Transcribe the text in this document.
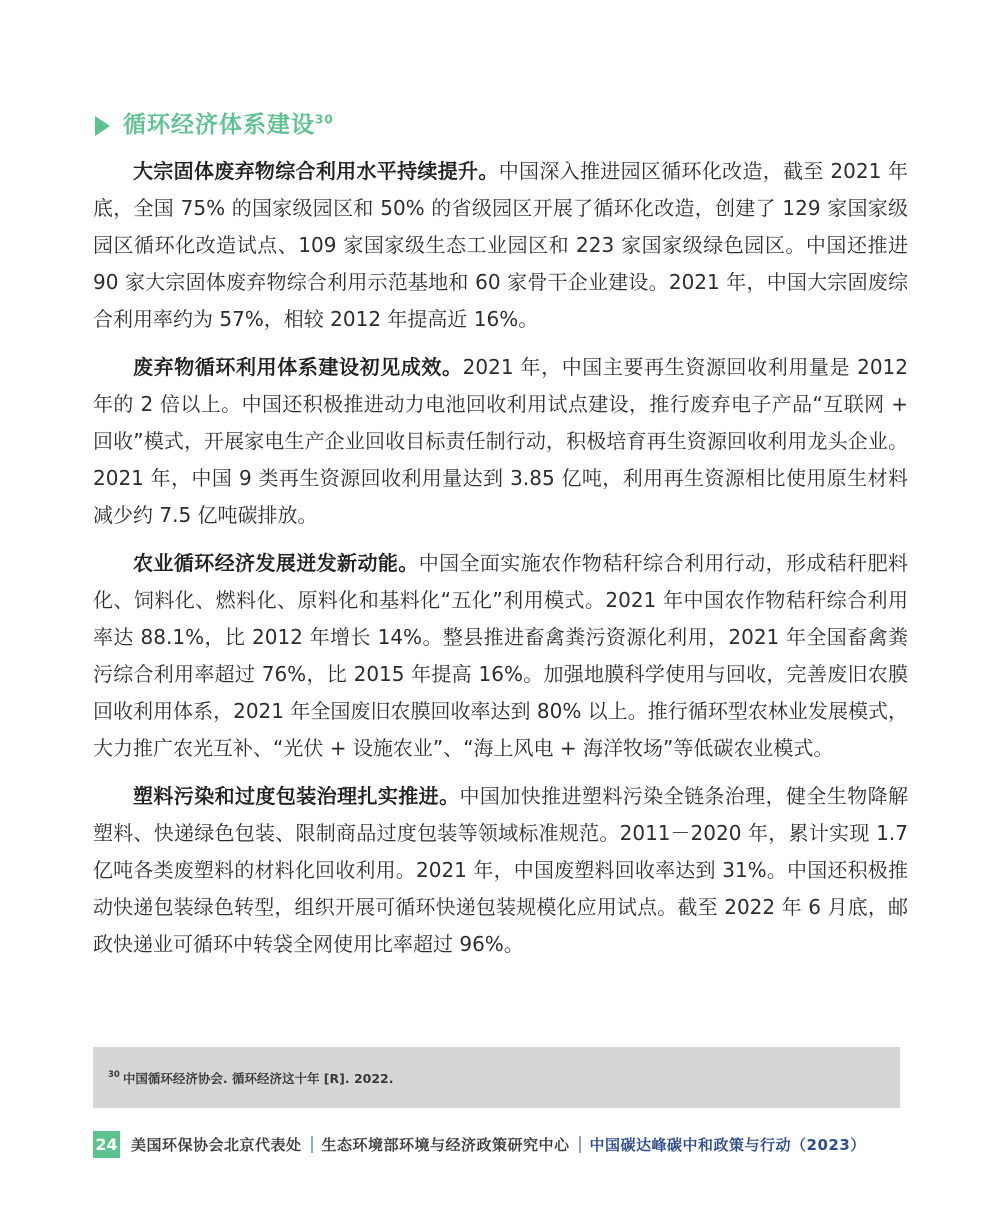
循环经济体系建设$^{30}$

大宗固体废弃物综合利用水平持续提升。中国深入推进园区循环化改造，截至 2021 年底，全国 75% 的国家级园区和 50% 的省级园区开展了循环化改造，创建了 129 家国家级园区循环化改造试点、109 家国家级生态工业园区和 223 家国家级绿色园区。中国还推进 90 家大宗固体废弃物综合利用示范基地和 60 家骨干企业建设。2021 年，中国大宗固废综合利用率约为 57%，相较 2012 年提高近 16%。

废弃物循环利用体系建设初见成效。2021 年，中国主要再生资源回收利用量是 2012 年的 2 倍以上。中国还积极推进动力电池回收利用试点建设，推行废弃电子产品“互联网 + 回收”模式，开展家电生产企业回收目标责任制行动，积极培育再生资源回收利用龙头企业。2021 年，中国 9 类再生资源回收利用量达到 3.85 亿吨，利用再生资源相比使用原生材料减少约 7.5 亿吨碳排放。

农业循环经济发展迸发新动能。中国全面实施农作物秸秆综合利用行动，形成秸秆肥料化、饲料化、燃料化、原料化和基料化“五化”利用模式。2021 年中国农作物秸秆综合利用率达 88.1%，比 2012 年增长 14%。整县推进畜禽粪污资源化利用，2021 年全国畜禽粪污综合利用率超过 76%，比 2015 年提高 16%。加强地膜科学使用与回收，完善废旧农膜回收利用体系，2021 年全国废旧农膜回收率达到 80% 以上。推行循环型农林业发展模式，大力推广农光互补、“光伏 + 设施农业”、“海上风电 + 海洋牧场”等低碳农业模式。

塑料污染和过度包装治理扎实推进。中国加快推进塑料污染全链条治理，健全生物降解塑料、快递绿色包装、限制商品过度包装等领域标准规范。2011－2020 年，累计实现 1.7 亿吨各类废塑料的材料化回收利用。2021 年，中国废塑料回收率达到 31%。中国还积极推动快递包装绿色转型，组织开展可循环快递包装规模化应用试点。截至 2022 年 6 月底，邮政快递业可循环中转袋全网使用比率超过 96%。

$^{30}$ 中国循环经济协会. 循环经济这十年 [R]. 2022.

24 美国环保协会北京代表处 生态环境部环境与经济政策研究中心 中国碳达峰碳中和政策与行动（2023）
